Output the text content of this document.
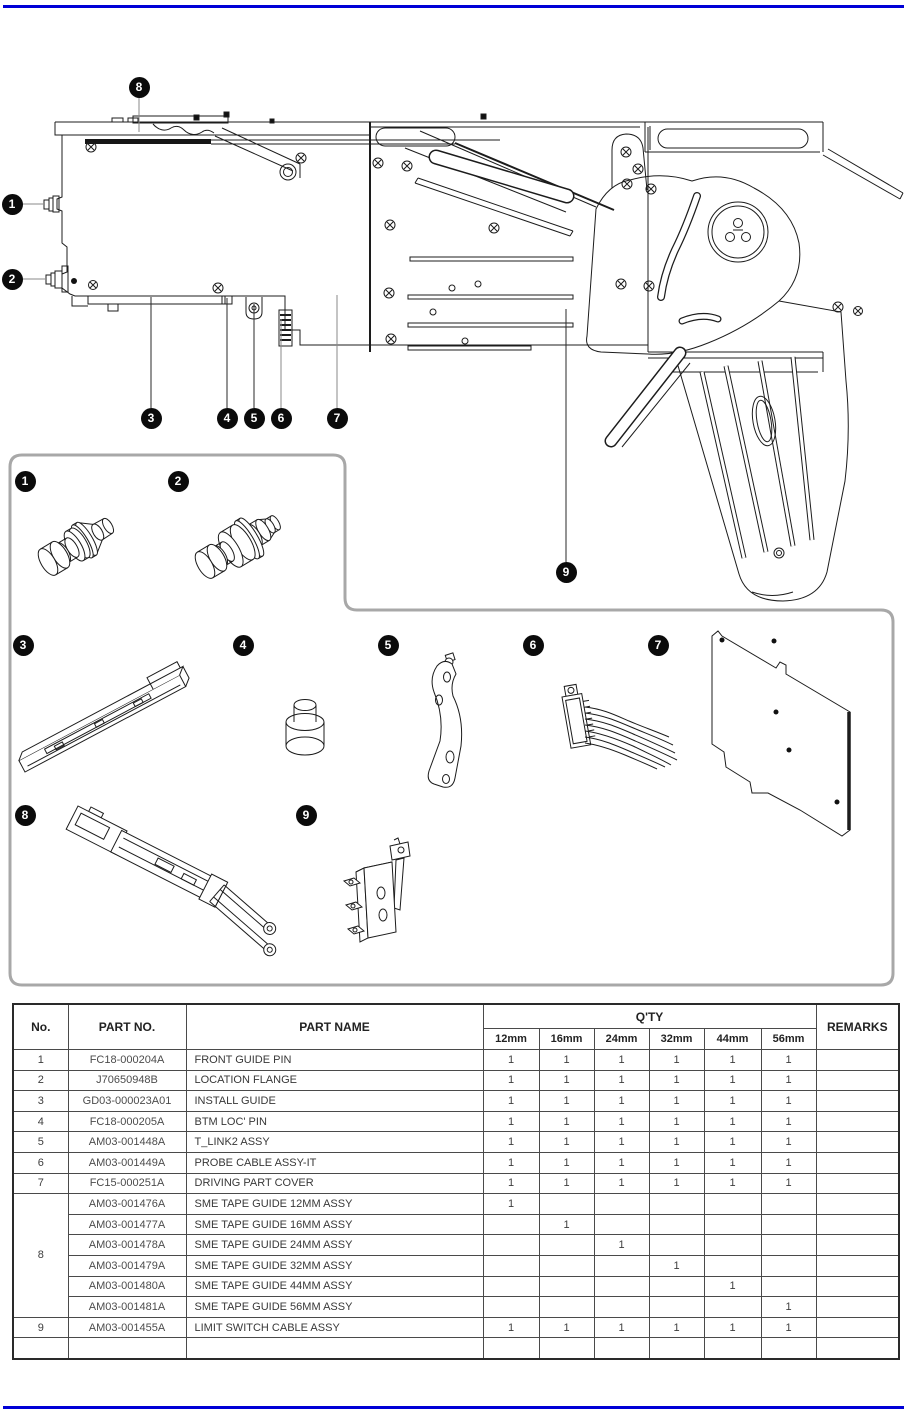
8
1
2
3	4	5	6	7
9
1	2
3	4	5	6	7
8	9
No.	PART NO.	PART NAME	Q'TY						REMARKS
			12mm	16mm	24mm	32mm	44mm	56mm	
1	FC18-000204A	FRONT GUIDE PIN	1	1	1	1	1	1	
2	J70650948B	LOCATION FLANGE	1	1	1	1	1	1	
3	GD03-000023A01	INSTALL GUIDE	1	1	1	1	1	1	
4	FC18-000205A	BTM LOC' PIN	1	1	1	1	1	1	
5	AM03-001448A	T_LINK2 ASSY	1	1	1	1	1	1	
6	AM03-001449A	PROBE CABLE ASSY-IT	1	1	1	1	1	1	
7	FC15-000251A	DRIVING PART COVER	1	1	1	1	1	1	
8	AM03-001476A	SME TAPE GUIDE 12MM ASSY	1						
	AM03-001477A	SME TAPE GUIDE 16MM ASSY		1					
	AM03-001478A	SME TAPE GUIDE 24MM ASSY			1				
	AM03-001479A	SME TAPE GUIDE 32MM ASSY				1			
	AM03-001480A	SME TAPE GUIDE 44MM ASSY					1		
	AM03-001481A	SME TAPE GUIDE 56MM ASSY						1	
9	AM03-001455A	LIMIT SWITCH CABLE ASSY	1	1	1	1	1	1	
